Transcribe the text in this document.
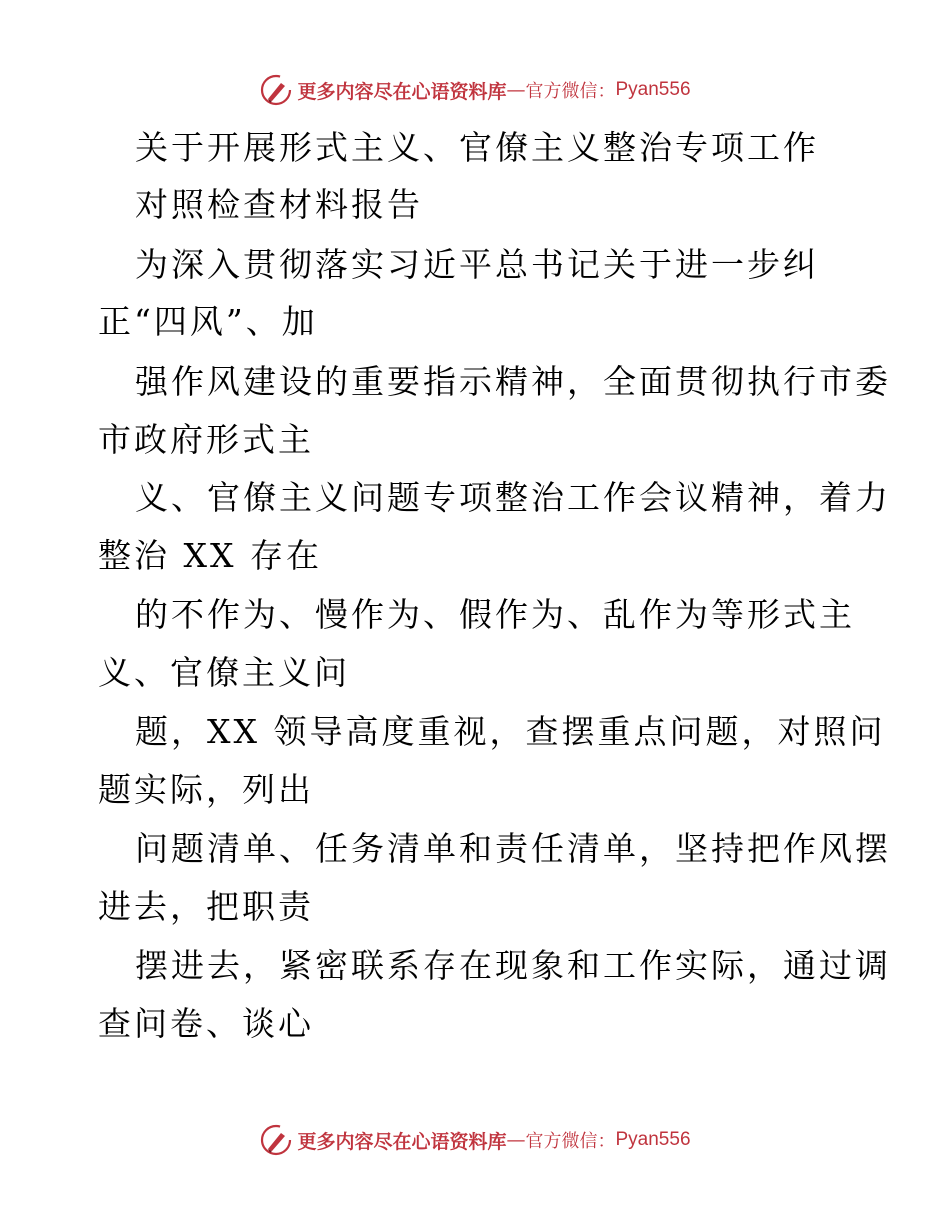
更多内容尽在心语资料库 — 官方微信： Pyan556
关于开展形式主义、官僚主义整治专项工作
对照检查材料报告
为深入贯彻落实习近平总书记关于进一步纠
正“四风”、加
强作风建设的重要指示精神，全面贯彻执行市委
市政府形式主
义、官僚主义问题专项整治工作会议精神，着力
整治 XX 存在
的不作为、慢作为、假作为、乱作为等形式主
义、官僚主义问
题，XX 领导高度重视，查摆重点问题，对照问
题实际，列出
问题清单、任务清单和责任清单，坚持把作风摆
进去，把职责
摆进去，紧密联系存在现象和工作实际，通过调
查问卷、谈心
更多内容尽在心语资料库 — 官方微信： Pyan556
